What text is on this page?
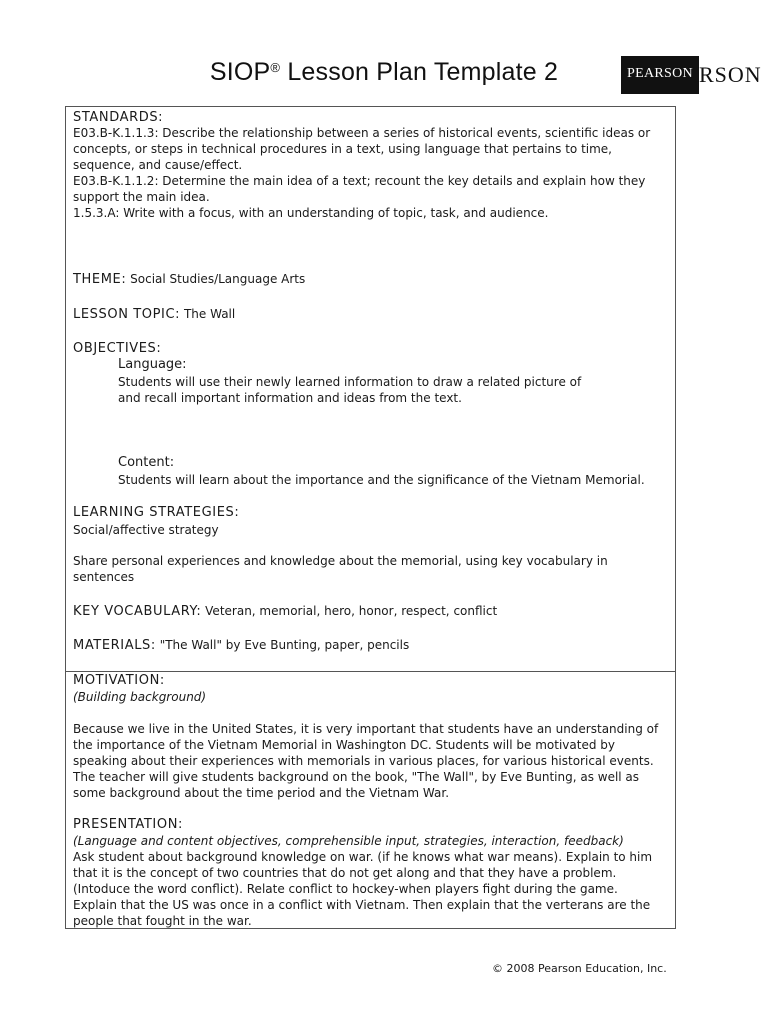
SIOP® Lesson Plan Template 2	PEARSON RSON
STANDARDS:
E03.B-K.1.1.3: Describe the relationship between a series of historical events, scientific ideas or
concepts, or steps in technical procedures in a text, using language that pertains to time,
sequence, and cause/effect.
E03.B-K.1.1.2: Determine the main idea of a text; recount the key details and explain how they
support the main idea.
1.5.3.A: Write with a focus, with an understanding of topic, task, and audience.
THEME: Social Studies/Language Arts
LESSON TOPIC: The Wall
OBJECTIVES:
Language:
Students will use their newly learned information to draw a related picture of
and recall important information and ideas from the text.
Content:
Students will learn about the importance and the significance of the Vietnam Memorial.
LEARNING STRATEGIES:
Social/affective strategy
Share personal experiences and knowledge about the memorial, using key vocabulary in
sentences
KEY VOCABULARY: Veteran, memorial, hero, honor, respect, conflict
MATERIALS: "The Wall" by Eve Bunting, paper, pencils
MOTIVATION:
(Building background)
Because we live in the United States, it is very important that students have an understanding of
the importance of the Vietnam Memorial in Washington DC. Students will be motivated by
speaking about their experiences with memorials in various places, for various historical events.
The teacher will give students background on the book, "The Wall", by Eve Bunting, as well as
some background about the time period and the Vietnam War.
PRESENTATION:
(Language and content objectives, comprehensible input, strategies, interaction, feedback)
Ask student about background knowledge on war. (if he knows what war means). Explain to him
that it is the concept of two countries that do not get along and that they have a problem.
(Intoduce the word conflict). Relate conflict to hockey-when players fight during the game.
Explain that the US was once in a conflict with Vietnam. Then explain that the verterans are the
people that fought in the war.
© 2008 Pearson Education, Inc.
